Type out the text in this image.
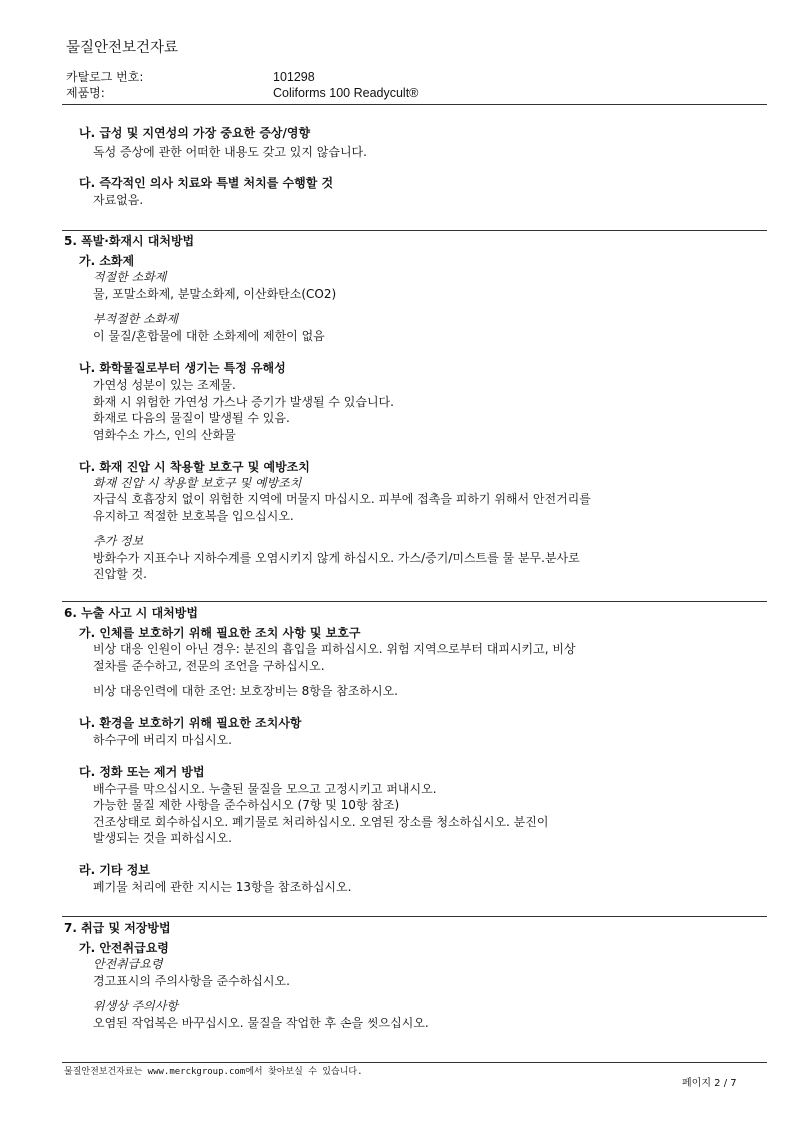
물질안전보건자료
카탈로그 번호:	101298
제품명:	Coliforms 100 Readycult®
나. 급성 및 지연성의 가장 중요한 증상/영향
독성 증상에 관한 어떠한 내용도 갖고 있지 않습니다.
다. 즉각적인 의사 치료와 특별 처치를 수행할 것
자료없음.
5. 폭발·화재시 대처방법
가. 소화제
적절한 소화제
물, 포말소화제, 분말소화제, 이산화탄소(CO2)
부적절한 소화제
이 물질/혼합물에 대한 소화제에 제한이 없음
나. 화학물질로부터 생기는 특정 유해성
가연성 성분이 있는 조제물.
화재 시 위험한 가연성 가스나 증기가 발생될 수 있습니다.
화재로 다음의 물질이 발생될 수 있음.
염화수소 가스, 인의 산화물
다. 화재 진압 시 착용할 보호구 및 예방조치
화재 진압 시 착용할 보호구 및 예방조치
자급식 호흡장치 없이 위험한 지역에 머물지 마십시오. 피부에 접촉을 피하기 위해서 안전거리를
유지하고 적절한 보호복을 입으십시오.
추가 정보
방화수가 지표수나 지하수계를 오염시키지 않게 하십시오. 가스/증기/미스트를 물 분무.분사로
진압할 것.
6. 누출 사고 시 대처방법
가. 인체를 보호하기 위해 필요한 조치 사항 및 보호구
비상 대응 인원이 아닌 경우: 분진의 흡입을 피하십시오. 위험 지역으로부터 대피시키고, 비상
절차를 준수하고, 전문의 조언을 구하십시오.
비상 대응인력에 대한 조언: 보호장비는 8항을 참조하시오.
나. 환경을 보호하기 위해 필요한 조치사항
하수구에 버리지 마십시오.
다. 정화 또는 제거 방법
배수구를 막으십시오. 누출된 물질을 모으고 고정시키고 퍼내시오.
가능한 물질 제한 사항을 준수하십시오 (7항 및 10항 참조)
건조상태로 회수하십시오. 폐기물로 처리하십시오. 오염된 장소를 청소하십시오. 분진이
발생되는 것을 피하십시오.
라. 기타 정보
폐기물 처리에 관한 지시는 13항을 참조하십시오.
7. 취급 및 저장방법
가. 안전취급요령
안전취급요령
경고표시의 주의사항을 준수하십시오.
위생상 주의사항
오염된 작업복은 바꾸십시오. 물질을 작업한 후 손을 씻으십시오.
물질안전보건자료는 www.merckgroup.com에서 찾아보실 수 있습니다.
페이지 2 / 7
